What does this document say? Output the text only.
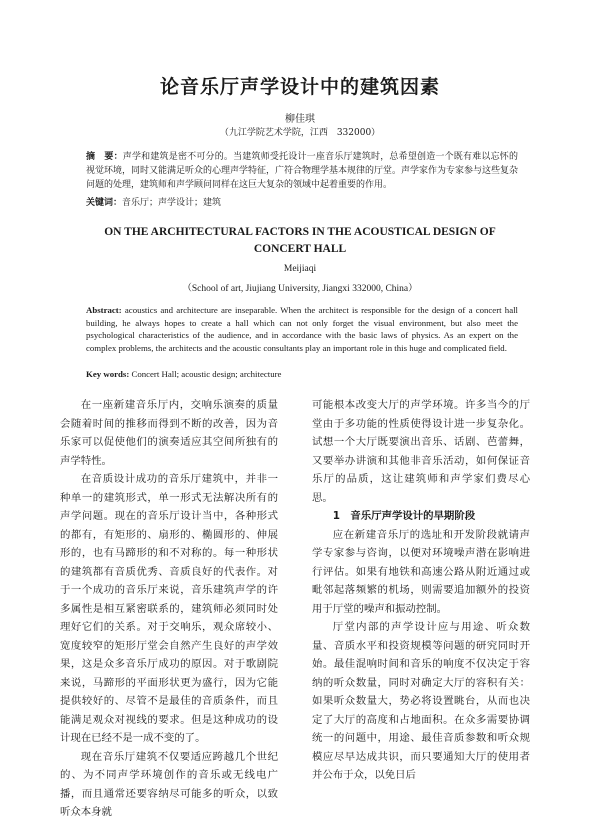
论音乐厅声学设计中的建筑因素
柳佳琪
（九江学院艺术学院，江西　332000）
摘　要：声学和建筑是密不可分的。当建筑师受托设计一座音乐厅建筑时，总希望创造一个既有难以忘怀的视觉环境，同时又能满足听众的心理声学特征，广符合物理学基本规律的厅堂。声学家作为专家参与这些复杂问题的处理，建筑师和声学顾问同样在这巨大复杂的领域中起着重要的作用。
关键词：音乐厅；声学设计；建筑
ON THE ARCHITECTURAL FACTORS IN THE ACOUSTICAL DESIGN OF CONCERT HALL
Meijiaqi
（School of art, Jiujiang University, Jiangxi 332000, China）
Abstract: acoustics and architecture are inseparable. When the architect is responsible for the design of a concert hall building, he always hopes to create a hall which can not only forget the visual environment, but also meet the psychological characteristics of the audience, and in accordance with the basic laws of physics. As an expert on the complex problems, the architects and the acoustic consultants play an important role in this huge and complicated field.
Key words: Concert Hall; acoustic design; architecture

在一座新建音乐厅内，交响乐演奏的质量会随着时间的推移而得到不断的改善，因为音乐家可以促使他们的演奏适应其空间所独有的声学特性。

在音质设计成功的音乐厅建筑中，并非一种单一的建筑形式，单一形式无法解决所有的声学问题。现在的音乐厅设计当中，各种形式的都有，有矩形的、扇形的、椭圆形的、伸展形的，也有马蹄形的和不对称的。每一种形状的建筑都有音质优秀、音质良好的代表作。对于一个成功的音乐厅来说，音乐建筑声学的许多属性是相互紧密联系的，建筑师必须同时处理好它们的关系。对于交响乐，观众席较小、宽度较窄的矩形厅堂会自然产生良好的声学效果，这是众多音乐厅成功的原因。对于歌剧院来说，马蹄形的平面形状更为盛行，因为它能提供较好的、尽管不是最佳的音质条件，而且能满足观众对视线的要求。但是这种成功的设计现在已经不是一成不变的了。

现在音乐厅建筑不仅要适应跨越几个世纪的、为不同声学环境创作的音乐或无线电广播，而且通常还要容纳尽可能多的听众，以致听众本身就

可能根本改变大厅的声学环境。许多当今的厅堂由于多功能的性质使得设计进一步复杂化。试想一个大厅既要演出音乐、话剧、芭蕾舞，又要举办讲演和其他非音乐活动，如何保证音乐厅的品质，这让建筑师和声学家们费尽心思。

1　音乐厅声学设计的早期阶段

应在新建音乐厅的选址和开发阶段就请声学专家参与咨询，以便对环境噪声潜在影响进行评估。如果有地铁和高速公路从附近通过或毗邻起落频繁的机场，则需要追加额外的投资用于厅堂的噪声和振动控制。

厅堂内部的声学设计应与用途、听众数量、音质水平和投资规模等问题的研究同时开始。最佳混响时间和音乐的响度不仅决定于容纳的听众数量，同时对确定大厅的容积有关：如果听众数量大，势必将设置眺台，从而也决定了大厅的高度和占地面积。在众多需要协调统一的问题中，用途、最佳音质参数和听众规模应尽早达成共识，而只要通知大厅的使用者并公布于众，以免日后
